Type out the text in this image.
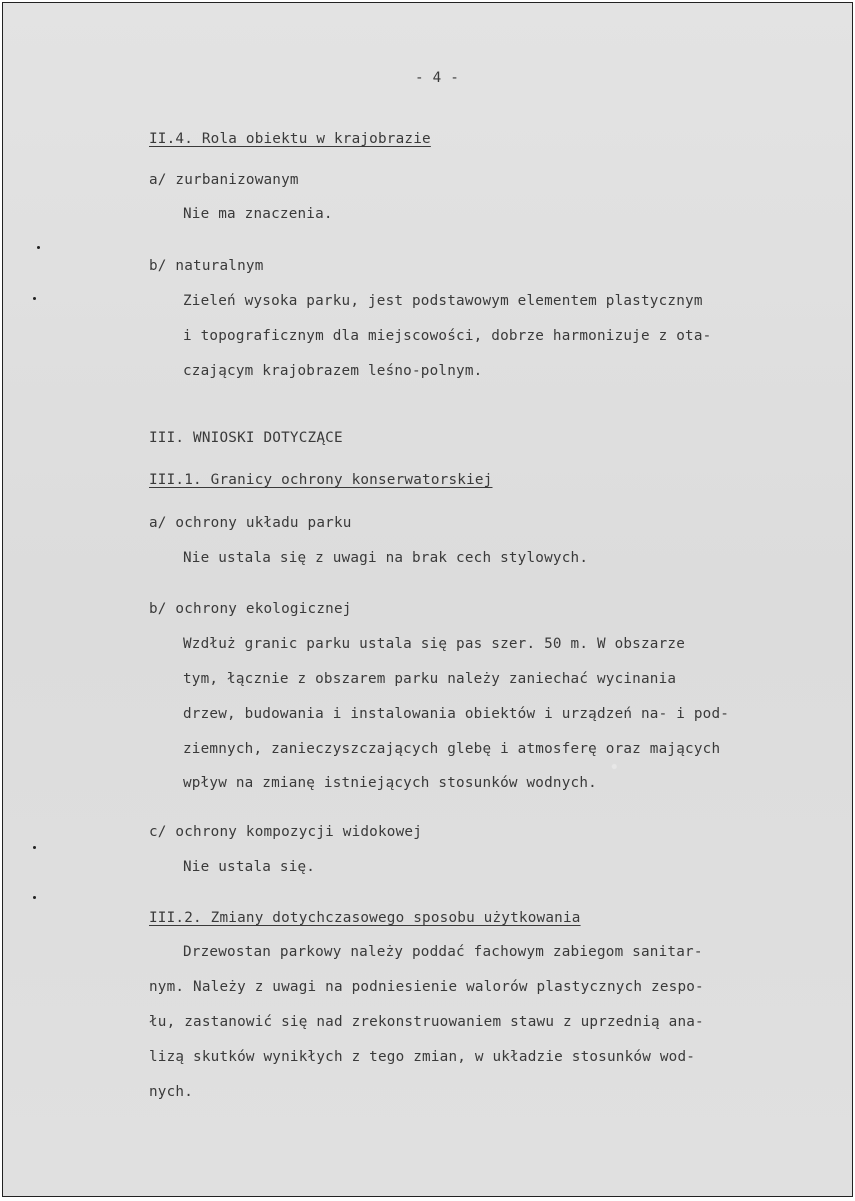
- 4 -
II.4. Rola obiektu w krajobrazie
a/ zurbanizowanym
Nie ma znaczenia.
b/ naturalnym
Zieleń wysoka parku, jest podstawowym elementem plastycznym
i topograficznym dla miejscowości, dobrze harmonizuje z ota-
czającym krajobrazem leśno-polnym.
III. WNIOSKI DOTYCZĄCE
III.1. Granicy ochrony konserwatorskiej
a/ ochrony układu parku
Nie ustala się z uwagi na brak cech stylowych.
b/ ochrony ekologicznej
Wzdłuż granic parku ustala się pas szer. 50 m. W obszarze
tym, łącznie z obszarem parku należy zaniechać wycinania
drzew, budowania i instalowania obiektów i urządzeń na- i pod-
ziemnych, zanieczyszczających glebę i atmosferę oraz mających
wpływ na zmianę istniejących stosunków wodnych.
c/ ochrony kompozycji widokowej
Nie ustala się.
III.2. Zmiany dotychczasowego sposobu użytkowania
Drzewostan parkowy należy poddać fachowym zabiegom sanitar-
nym. Należy z uwagi na podniesienie walorów plastycznych zespo-
łu, zastanowić się nad zrekonstruowaniem stawu z uprzednią ana-
lizą skutków wynikłych z tego zmian, w układzie stosunków wod-
nych.
